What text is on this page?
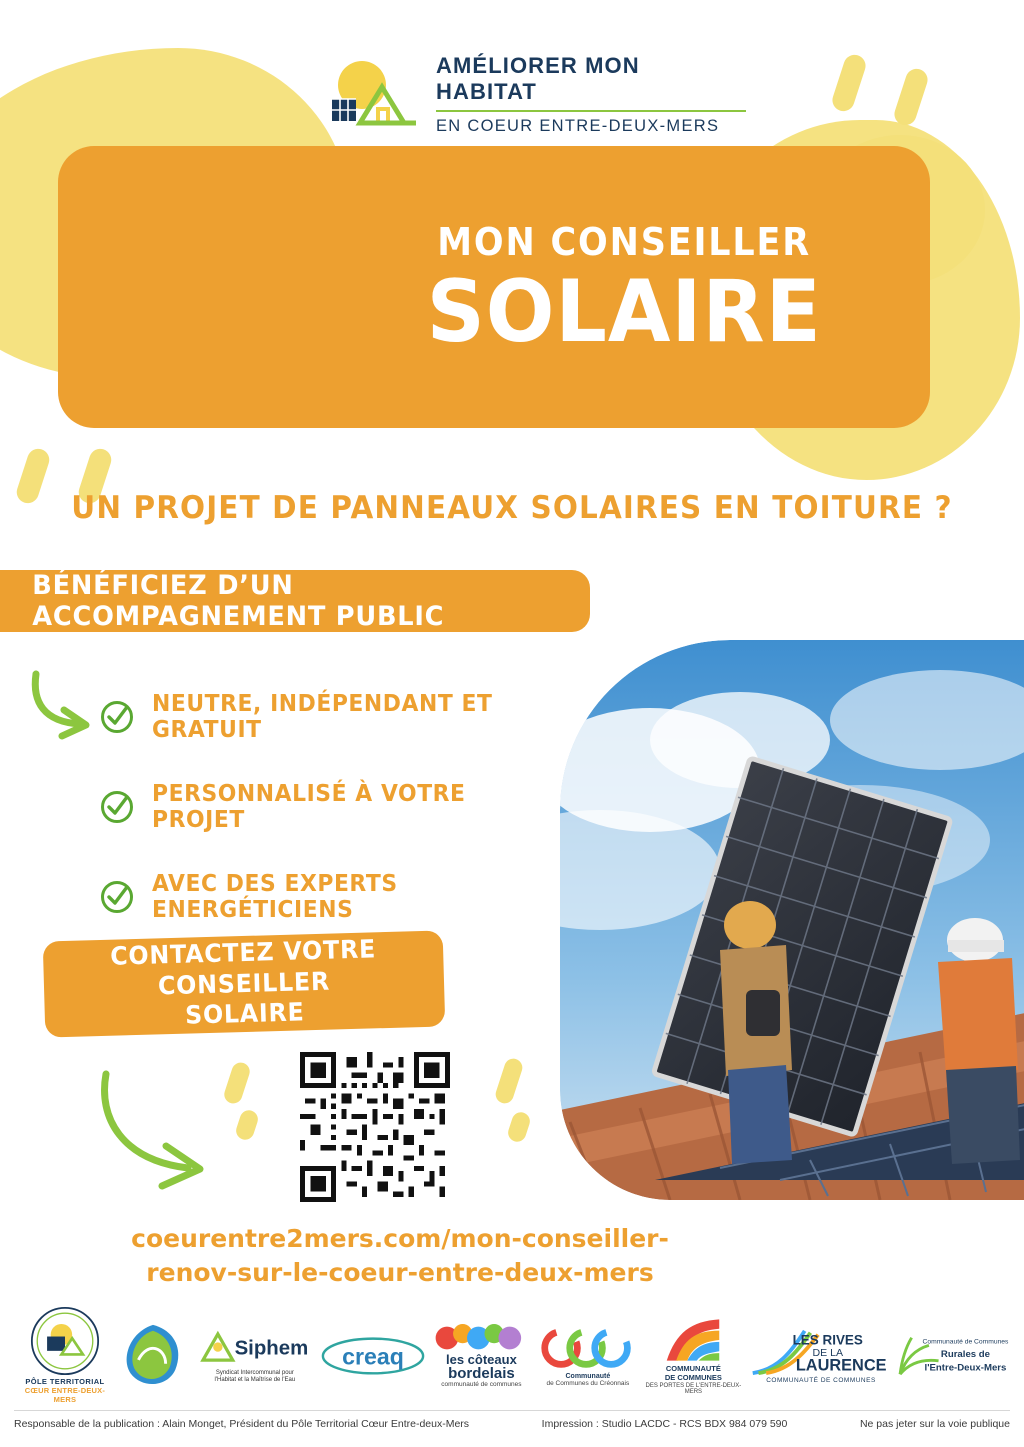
AMÉLIORER MON HABITAT
EN COEUR ENTRE-DEUX-MERS
MON CONSEILLER
SOLAIRE
UN PROJET DE PANNEAUX SOLAIRES EN TOITURE ?
BÉNÉFICIEZ D’UN ACCOMPAGNEMENT PUBLIC
NEUTRE, INDÉPENDANT ET GRATUIT
PERSONNALISÉ À VOTRE PROJET
AVEC DES EXPERTS ENERGÉTICIENS
CONTACTEZ VOTRE CONSEILLER
SOLAIRE
coeurentre2mers.com/mon-conseiller-
renov-sur-le-coeur-entre-deux-mers
PÔLE TERRITORIAL
CŒUR ENTRE-DEUX-MERS
Siphem
Syndicat Intercommunal pour
l'Habitat et la Maîtrise de l'Eau
creaq	les côteaux
bordelais
communauté de communes
Communauté
de Communes du Créonnais
COMMUNAUTÉ
DE COMMUNES
DES PORTES DE L'ENTRE-DEUX-MERS
LES RIVES
DE LA
LAURENCE
COMMUNAUTÉ DE COMMUNES
Communauté de Communes
Rurales de
l'Entre-Deux-Mers
Responsable de la publication : Alain Monget, Président du Pôle Territorial Cœur Entre-deux-Mers	Impression : Studio LACDC - RCS BDX 984 079 590	Ne pas jeter sur la voie publique
